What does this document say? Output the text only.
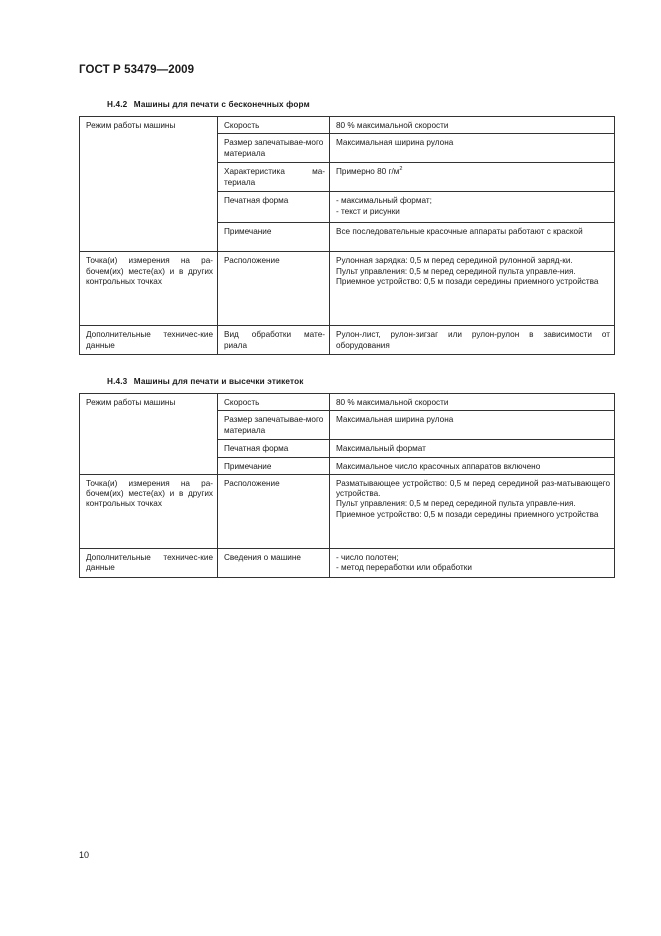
ГОСТ Р 53479—2009
Н.4.2 Машины для печати с бесконечных форм
Режим работы машины	Скорость	80 % максимальной скорости
	Размер запечатывае-мого материала	Максимальная ширина рулона
	Характеристика ма-териала	Примерно 80 $г/м^2$
	Печатная форма	- максимальный формат;
- текст и рисунки

	Примечание	Все последовательные красочные аппараты работают с краской
Точка(и) измерения на ра-бочем(их) месте(ах) и в других контрольных точках	Расположение	Рулонная зарядка: 0,5 м перед серединой рулонной заряд-ки.
Пульт управления: 0,5 м перед серединой пульта управле-ния.
Приемное устройство: 0,5 м позади середины приемного устройства

Дополнительные техничес-кие данные	Вид обработки мате-риала	Рулон-лист, рулон-зигзаг или рулон-рулон в зависимости от оборудования
Н.4.3 Машины для печати и высечки этикеток
Режим работы машины	Скорость	80 % максимальной скорости
	Размер запечатывае-мого материала	Максимальная ширина рулона
	Печатная форма	Максимальный формат
	Примечание	Максимальное число красочных аппаратов включено
Точка(и) измерения на ра-бочем(их) месте(ах) и в других контрольных точках	Расположение	Разматывающее устройство: 0,5 м перед серединой раз-матывающего устройства.
Пульт управления: 0,5 м перед серединой пульта управле-ния.
Приемное устройство: 0,5 м позади середины приемного устройства

Дополнительные техничес-кие данные	Сведения о машине	- число полотен;
- метод переработки или обработки
10
